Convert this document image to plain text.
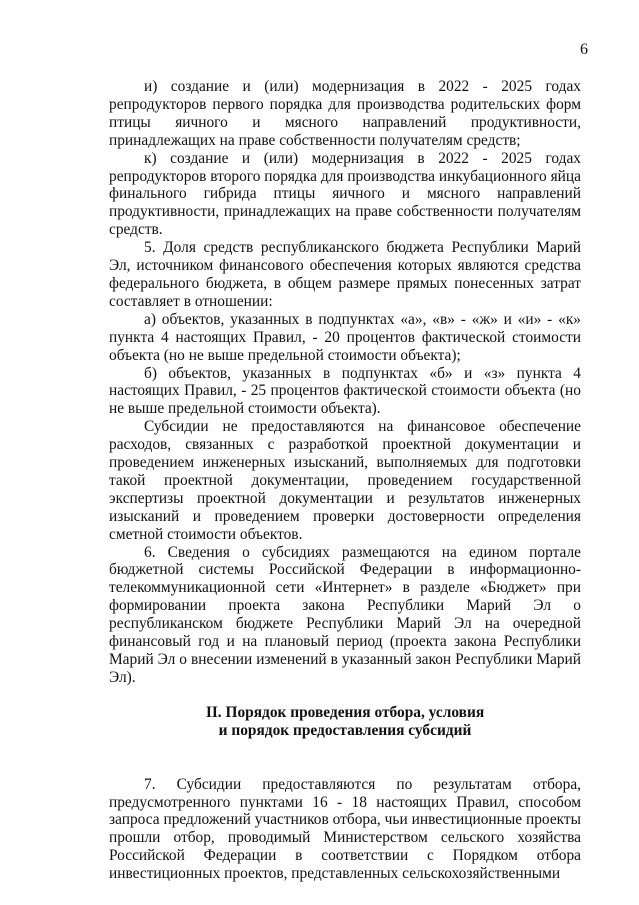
6

и) создание и (или) модернизация в 2022 - 2025 годах репродукторов первого порядка для производства родительских форм птицы яичного и мясного направлений продуктивности, принадлежащих на праве собственности получателям средств;

к) создание и (или) модернизация в 2022 - 2025 годах репродукторов второго порядка для производства инкубационного яйца финального гибрида птицы яичного и мясного направлений продуктивности, принадлежащих на праве собственности получателям средств.

5. Доля средств республиканского бюджета Республики Марий Эл, источником финансового обеспечения которых являются средства федерального бюджета, в общем размере прямых понесенных затрат составляет в отношении:

а) объектов, указанных в подпунктах «а», «в» - «ж» и «и» - «к» пункта 4 настоящих Правил, - 20 процентов фактической стоимости объекта (но не выше предельной стоимости объекта);

б) объектов, указанных в подпунктах «б» и «з» пункта 4 настоящих Правил, - 25 процентов фактической стоимости объекта (но не выше предельной стоимости объекта).

Субсидии не предоставляются на финансовое обеспечение расходов, связанных с разработкой проектной документации и проведением инженерных изысканий, выполняемых для подготовки такой проектной документации, проведением государственной экспертизы проектной документации и результатов инженерных изысканий и проведением проверки достоверности определения сметной стоимости объектов.

6. Сведения о субсидиях размещаются на едином портале бюджетной системы Российской Федерации в информационно-телекоммуникационной сети «Интернет» в разделе «Бюджет» при формировании проекта закона Республики Марий Эл о республиканском бюджете Республики Марий Эл на очередной финансовый год и на плановый период (проекта закона Республики Марий Эл о внесении изменений в указанный закон Республики Марий Эл).

II. Порядок проведения отбора, условия

и порядок предоставления субсидий

7. Субсидии предоставляются по результатам отбора, предусмотренного пунктами 16 - 18 настоящих Правил, способом запроса предложений участников отбора, чьи инвестиционные проекты прошли отбор, проводимый Министерством сельского хозяйства Российской Федерации в соответствии с Порядком отбора инвестиционных проектов, представленных сельскохозяйственными
